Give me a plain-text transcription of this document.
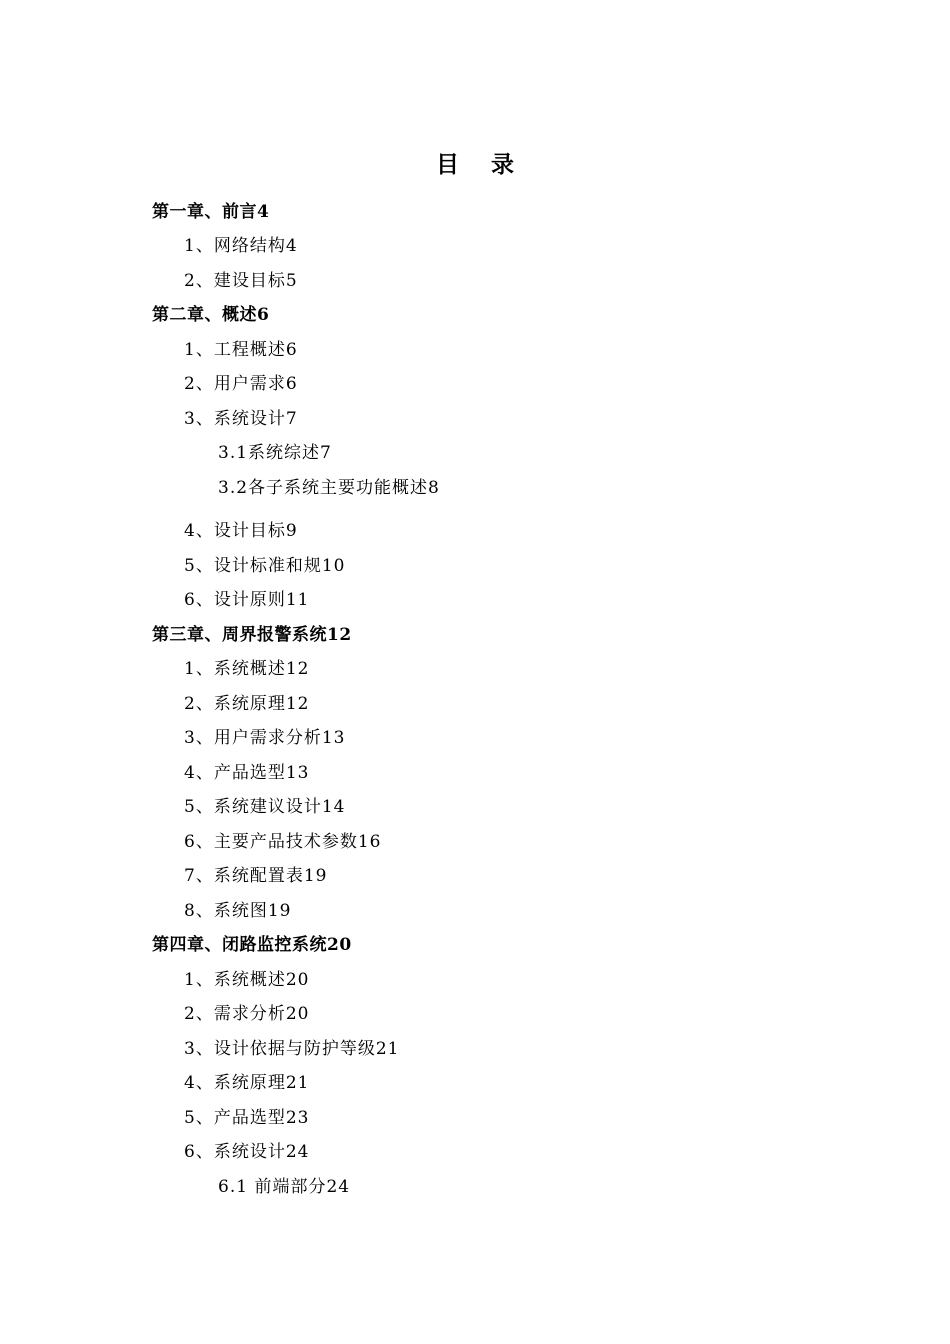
目 录
第一章、前言4
1、网络结构4
2、建设目标5
第二章、概述6
1、工程概述6
2、用户需求6
3、系统设计7
3.1系统综述7
3.2各子系统主要功能概述8
4、设计目标9
5、设计标准和规10
6、设计原则11
第三章、周界报警系统12
1、系统概述12
2、系统原理12
3、用户需求分析13
4、产品选型13
5、系统建议设计14
6、主要产品技术参数16
7、系统配置表19
8、系统图19
第四章、闭路监控系统20
1、系统概述20
2、需求分析20
3、设计依据与防护等级21
4、系统原理21
5、产品选型23
6、系统设计24
6.1 前端部分24
